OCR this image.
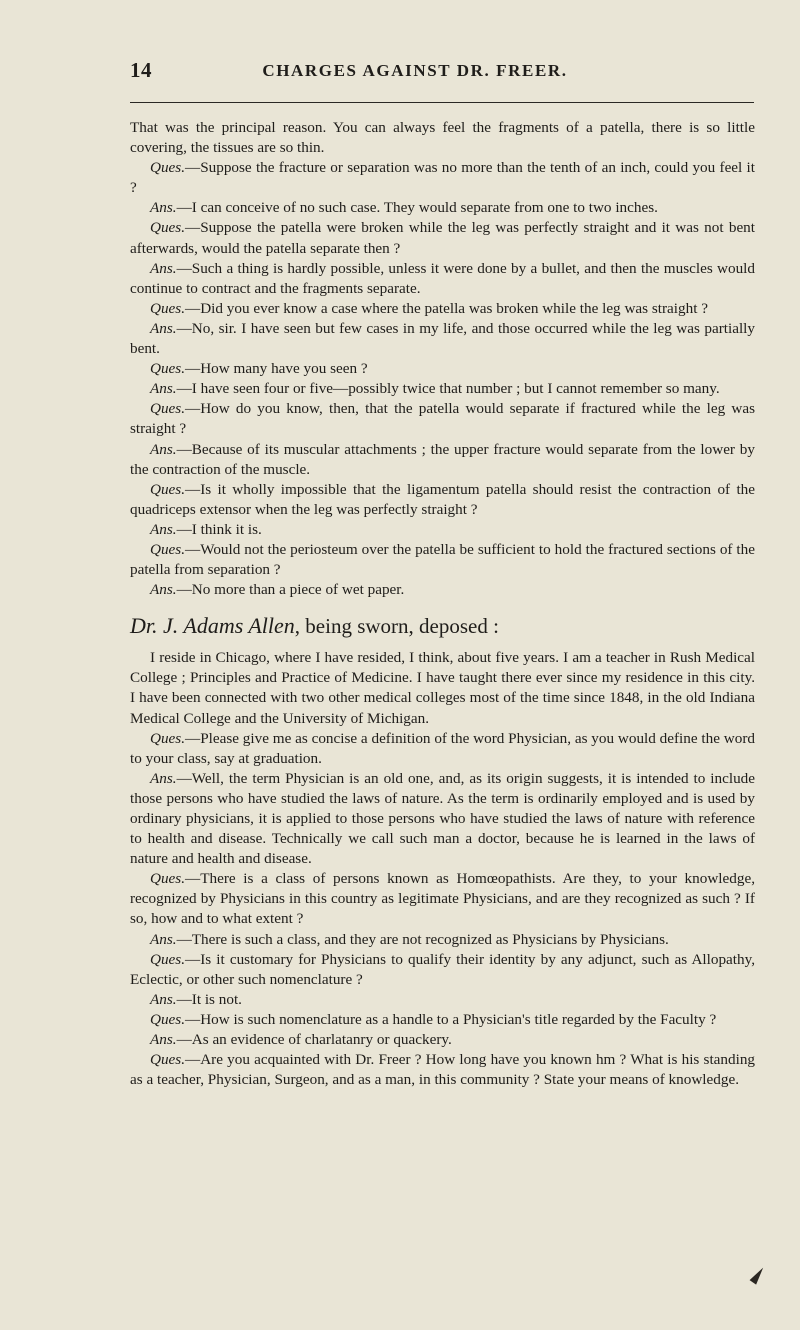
14	CHARGES AGAINST DR. FREER.

That was the principal reason. You can always feel the fragments of a patella, there is so little covering, the tissues are so thin.

Ques.—Suppose the fracture or separation was no more than the tenth of an inch, could you feel it ?

Ans.—I can conceive of no such case. They would separate from one to two inches.

Ques.—Suppose the patella were broken while the leg was perfectly straight and it was not bent afterwards, would the patella separate then ?

Ans.—Such a thing is hardly possible, unless it were done by a bullet, and then the muscles would continue to contract and the fragments separate.

Ques.—Did you ever know a case where the patella was broken while the leg was straight ?

Ans.—No, sir. I have seen but few cases in my life, and those occurred while the leg was partially bent.

Ques.—How many have you seen ?

Ans.—I have seen four or five—possibly twice that number ; but I cannot remember so many.

Ques.—How do you know, then, that the patella would separate if fractured while the leg was straight ?

Ans.—Because of its muscular attachments ; the upper fracture would separate from the lower by the contraction of the muscle.

Ques.—Is it wholly impossible that the ligamentum patella should resist the contraction of the quadriceps extensor when the leg was perfectly straight ?

Ans.—I think it is.

Ques.—Would not the periosteum over the patella be sufficient to hold the fractured sections of the patella from separation ?

Ans.—No more than a piece of wet paper.

Dr. J. Adams Allen, being sworn, deposed :

I reside in Chicago, where I have resided, I think, about five years. I am a teacher in Rush Medical College ; Principles and Practice of Medicine. I have taught there ever since my residence in this city. I have been connected with two other medical colleges most of the time since 1848, in the old Indiana Medical College and the University of Michigan.

Ques.—Please give me as concise a definition of the word Physician, as you would define the word to your class, say at graduation.

Ans.—Well, the term Physician is an old one, and, as its origin suggests, it is intended to include those persons who have studied the laws of nature. As the term is ordinarily employed and is used by ordinary physicians, it is applied to those persons who have studied the laws of nature with reference to health and disease. Technically we call such man a doctor, because he is learned in the laws of nature and health and disease.

Ques.—There is a class of persons known as Homœopathists. Are they, to your knowledge, recognized by Physicians in this country as legitimate Physicians, and are they recognized as such ? If so, how and to what extent ?

Ans.—There is such a class, and they are not recognized as Physicians by Physicians.

Ques.—Is it customary for Physicians to qualify their identity by any adjunct, such as Allopathy, Eclectic, or other such nomenclature ?

Ans.—It is not.

Ques.—How is such nomenclature as a handle to a Physician's title regarded by the Faculty ?

Ans.—As an evidence of charlatanry or quackery.

Ques.—Are you acquainted with Dr. Freer ? How long have you known hm ? What is his standing as a teacher, Physician, Surgeon, and as a man, in this community ? State your means of knowledge.
